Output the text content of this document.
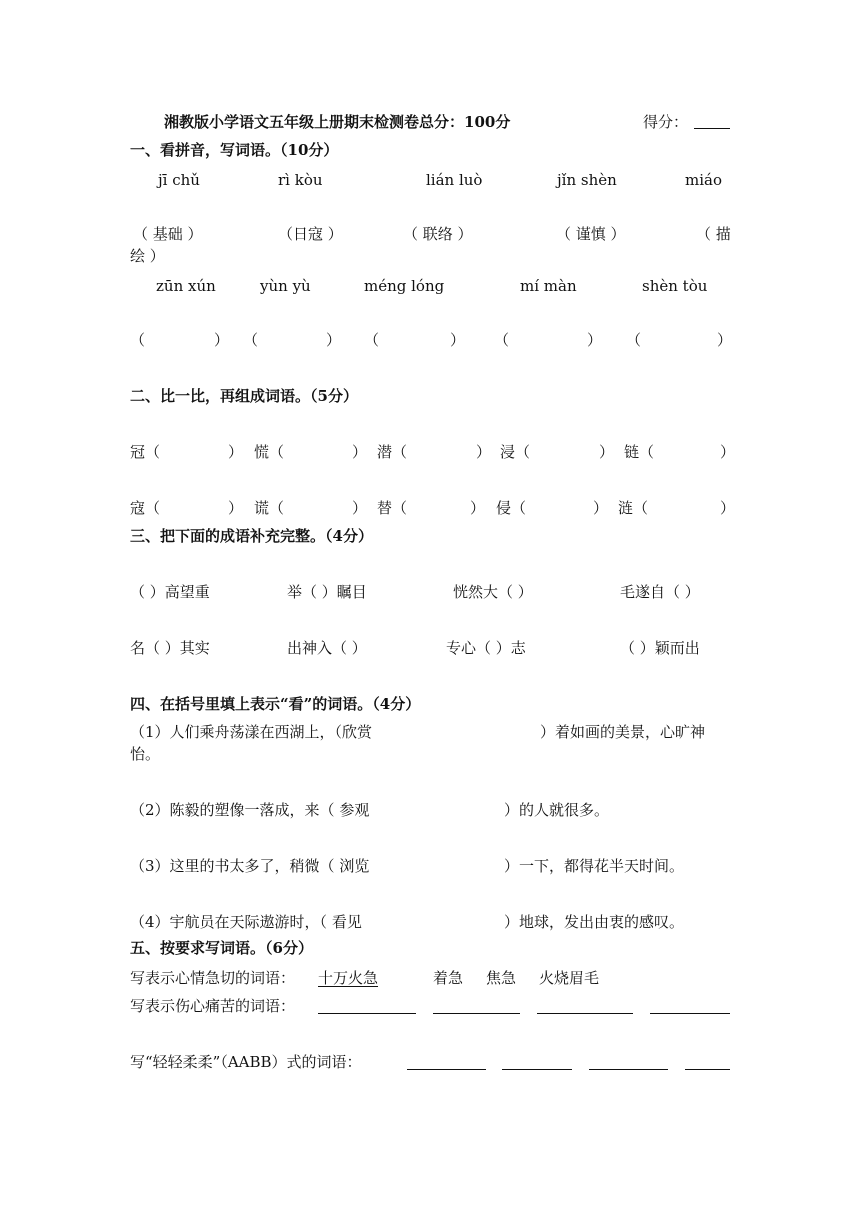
湘教版小学语文五年级上册期末检测卷总分：100分	得分：
一、看拼音，写词语。（10分）
jī chǔ	rì kòu	lián luò	jǐn shèn	miáo
（ 基础 ）	（日寇 ）	（ 联络 ）	（ 谨慎 ）	（ 描
绘 ）
zūn xún	yùn yù	méng lóng	mí màn	shèn tòu
（	） （	） （	） （	） （	）
二、比一比，再组成词语。（5分）
冠（	） 慌（	） 潜（	） 浸（	） 链（	）
寇（	） 谎（	） 替（	） 侵（	） 涟（	）
三、把下面的成语补充完整。（4分）
（ ）高望重	举（ ）瞩目	恍然大（ ）	毛遂自（ ）
名（ ）其实	出神入（ ）	专心（ ）志	（ ）颖而出
四、在括号里填上表示“看”的词语。（4分）
（1）人们乘舟荡漾在西湖上，（欣赏	）着如画的美景，心旷神
怡。
（2）陈毅的塑像一落成，来（ 参观	）的人就很多。
（3）这里的书太多了，稍微（ 浏览	）一下，都得花半天时间。
（4）宇航员在天际遨游时，（ 看见	）地球，发出由衷的感叹。
五、按要求写词语。（6分）
写表示心情急切的词语： 十万火急	着急 焦急 火烧眉毛
写表示伤心痛苦的词语：
写“轻轻柔柔”（AABB）式的词语：
